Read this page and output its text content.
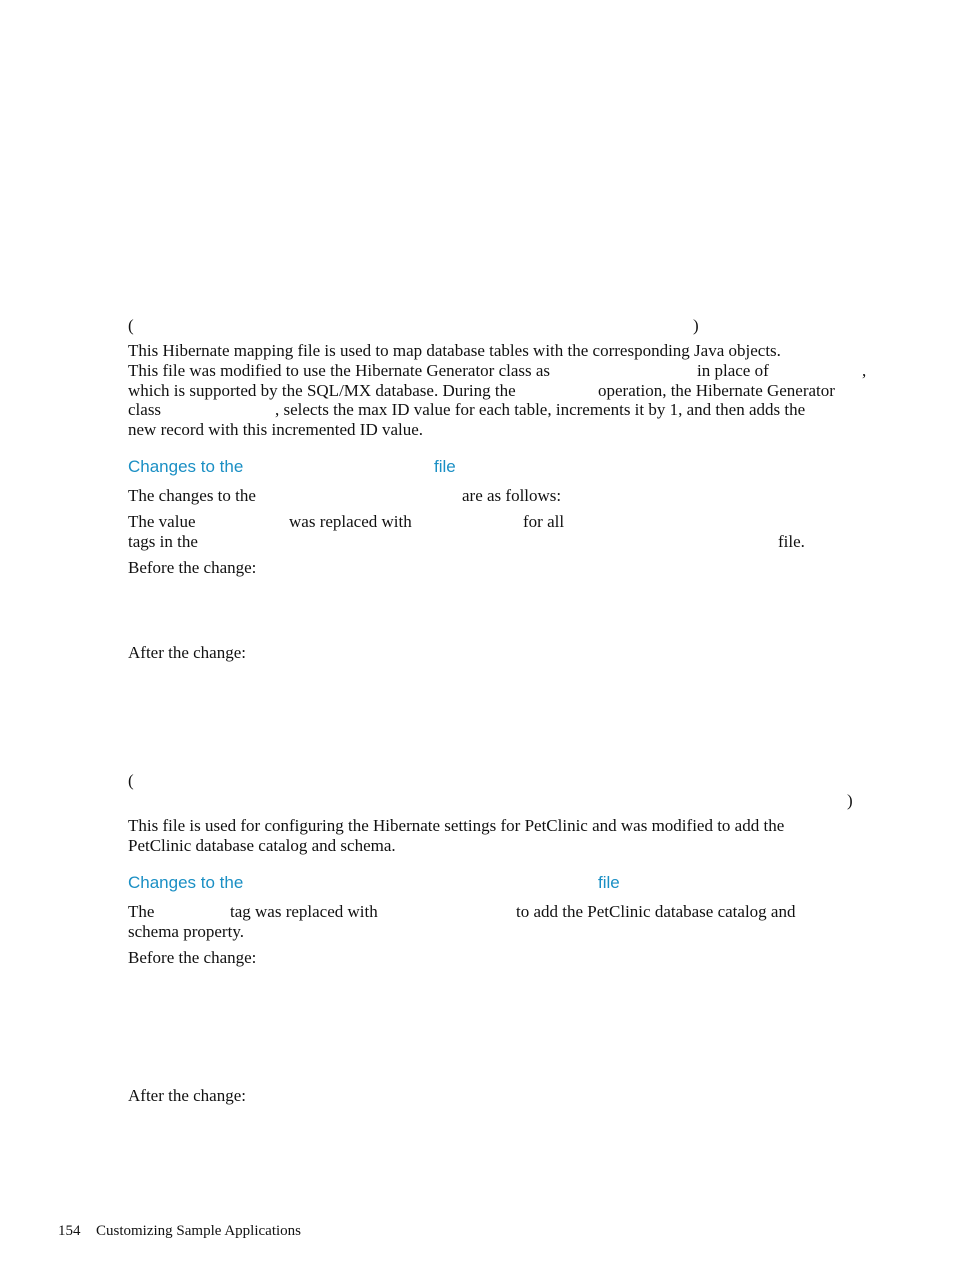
(	)
This Hibernate mapping file is used to map database tables with the corresponding Java objects.
This file was modified to use the Hibernate Generator class as	in place of	,
which is supported by the SQL/MX database. During the	operation, the Hibernate Generator
class	, selects the max ID value for each table, increments it by 1, and then adds the
new record with this incremented ID value.
Changes to the	file
The changes to the	are as follows:
The value	was replaced with	for all
tags in the	file.
Before the change:
After the change:
(
)
This file is used for configuring the Hibernate settings for PetClinic and was modified to add the
PetClinic database catalog and schema.
Changes to the	file
The	tag was replaced with	to add the PetClinic database catalog and
schema property.
Before the change:
After the change:
154 Customizing Sample Applications
